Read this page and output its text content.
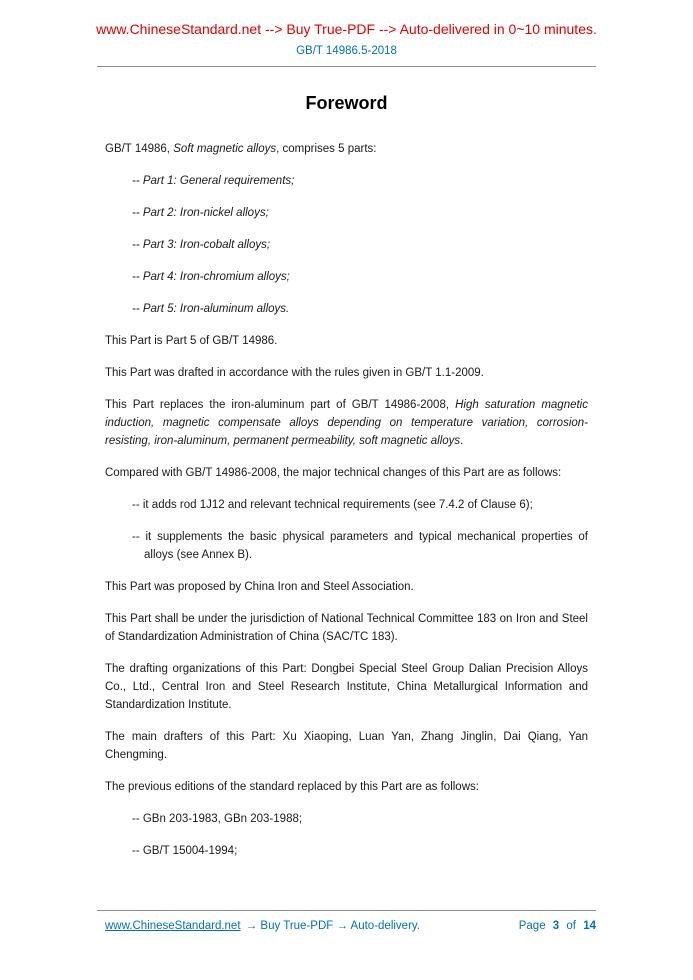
www.ChineseStandard.net --> Buy True-PDF --> Auto-delivered in 0~10 minutes.
GB/T 14986.5-2018
Foreword

GB/T 14986, Soft magnetic alloys, comprises 5 parts:

-- Part 1: General requirements;

-- Part 2: Iron-nickel alloys;

-- Part 3: Iron-cobalt alloys;

-- Part 4: Iron-chromium alloys;

-- Part 5: Iron-aluminum alloys.

This Part is Part 5 of GB/T 14986.

This Part was drafted in accordance with the rules given in GB/T 1.1-2009.

This Part replaces the iron-aluminum part of GB/T 14986-2008, High saturation magnetic induction, magnetic compensate alloys depending on temperature variation, corrosion-resisting, iron-aluminum, permanent permeability, soft magnetic alloys.

Compared with GB/T 14986-2008, the major technical changes of this Part are as follows:

-- it adds rod 1J12 and relevant technical requirements (see 7.4.2 of Clause 6);

-- it supplements the basic physical parameters and typical mechanical properties of alloys (see Annex B).

This Part was proposed by China Iron and Steel Association.

This Part shall be under the jurisdiction of National Technical Committee 183 on Iron and Steel of Standardization Administration of China (SAC/TC 183).

The drafting organizations of this Part: Dongbei Special Steel Group Dalian Precision Alloys Co., Ltd., Central Iron and Steel Research Institute, China Metallurgical Information and Standardization Institute.

The main drafters of this Part: Xu Xiaoping, Luan Yan, Zhang Jinglin, Dai Qiang, Yan Chengming.

The previous editions of the standard replaced by this Part are as follows:

-- GBn 203-1983, GBn 203-1988;

-- GB/T 15004-1994;

www.ChineseStandard.net → Buy True-PDF → Auto-delivery.	Page 3 of 14
